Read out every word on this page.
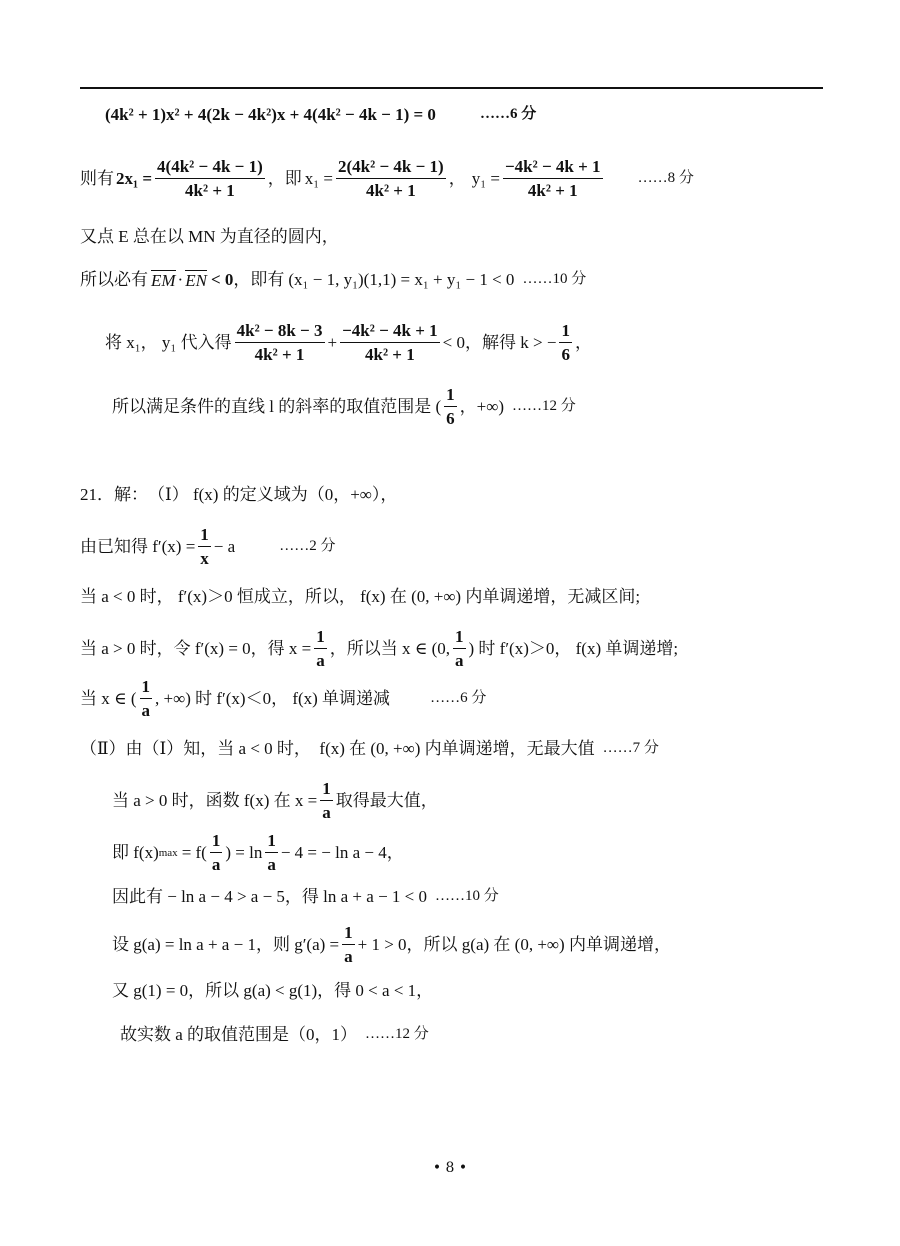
(4k² + 1)x² + 4(2k − 4k²)x + 4(4k² − 4k − 1) = 0	……6 分
则有 $2x_1 = \frac{\text{4(4k² − 4k − 1)}}{\text{4k² + 1}}$ ，即 $x_1 = \frac{\text{2(4k² − 4k − 1)}}{\text{4k² + 1}}$ ， $y_1 = \frac{\text{−4k² − 4k + 1}}{\text{4k² + 1}}$ ……8 分
又点 E 总在以 MN 为直径的圆内，
所以必有 EM · EN < 0 ，即有 (x₁ − 1, y₁)(1,1) = x₁ + y₁ − 1 < 0 ……10 分
将 x₁， y₁ 代入得 $\frac{\text{4k² − 8k − 3}}{\text{4k² + 1}} + \frac{\text{−4k² − 4k + 1}}{\text{4k² + 1}} < 0$，解得 k > − $\frac{1}{6}$ ，
所以满足条件的直线 l 的斜率的取值范围是 ( $\frac{1}{6}$ ，+∞) ……12 分
21．解：　（Ⅰ） f(x) 的定义域为（0，+∞），
由已知得 $f'(x) = \frac{1}{x} - a$	……2 分
当 a < 0 时， f′(x)＞0 恒成立，所以， f(x) 在 (0, +∞) 内单调递增，无减区间;
当 a > 0 时，令 f′(x) = 0，得 $x = \frac{1}{a}$ ，所以当 x ∈ (0, $\frac{1}{a}$ ) 时 f′(x)＞0， f(x) 单调递增;
当 x ∈ ( $\frac{1}{a}$ , +∞) 时 f′(x)＜0， f(x) 单调递减	……6 分
（Ⅱ）由（Ⅰ）知，当 a < 0 时，　f(x) 在 (0, +∞) 内单调递增，无最大值 ……7 分
当 a > 0 时，函数 f(x) 在 $x = \frac{1}{a}$ 取得最大值，
即 f(x) $\max = f( \frac{1}{a}$ ) = $\ln \frac{1}{a} - 4$ = − ln a − 4，
因此有 − ln a − 4 > a − 5，得 ln a + a − 1 < 0 ……10 分
设 g(a) = ln a + a − 1，则 $g'(a) = \frac{1}{a} + 1 > 0$，所以 g(a) 在 (0, +∞) 内单调递增，
又 g(1) = 0，所以 g(a) < g(1)，得 0 < a < 1，
故实数 a 的取值范围是（0，1） ……12 分
• 8 •
